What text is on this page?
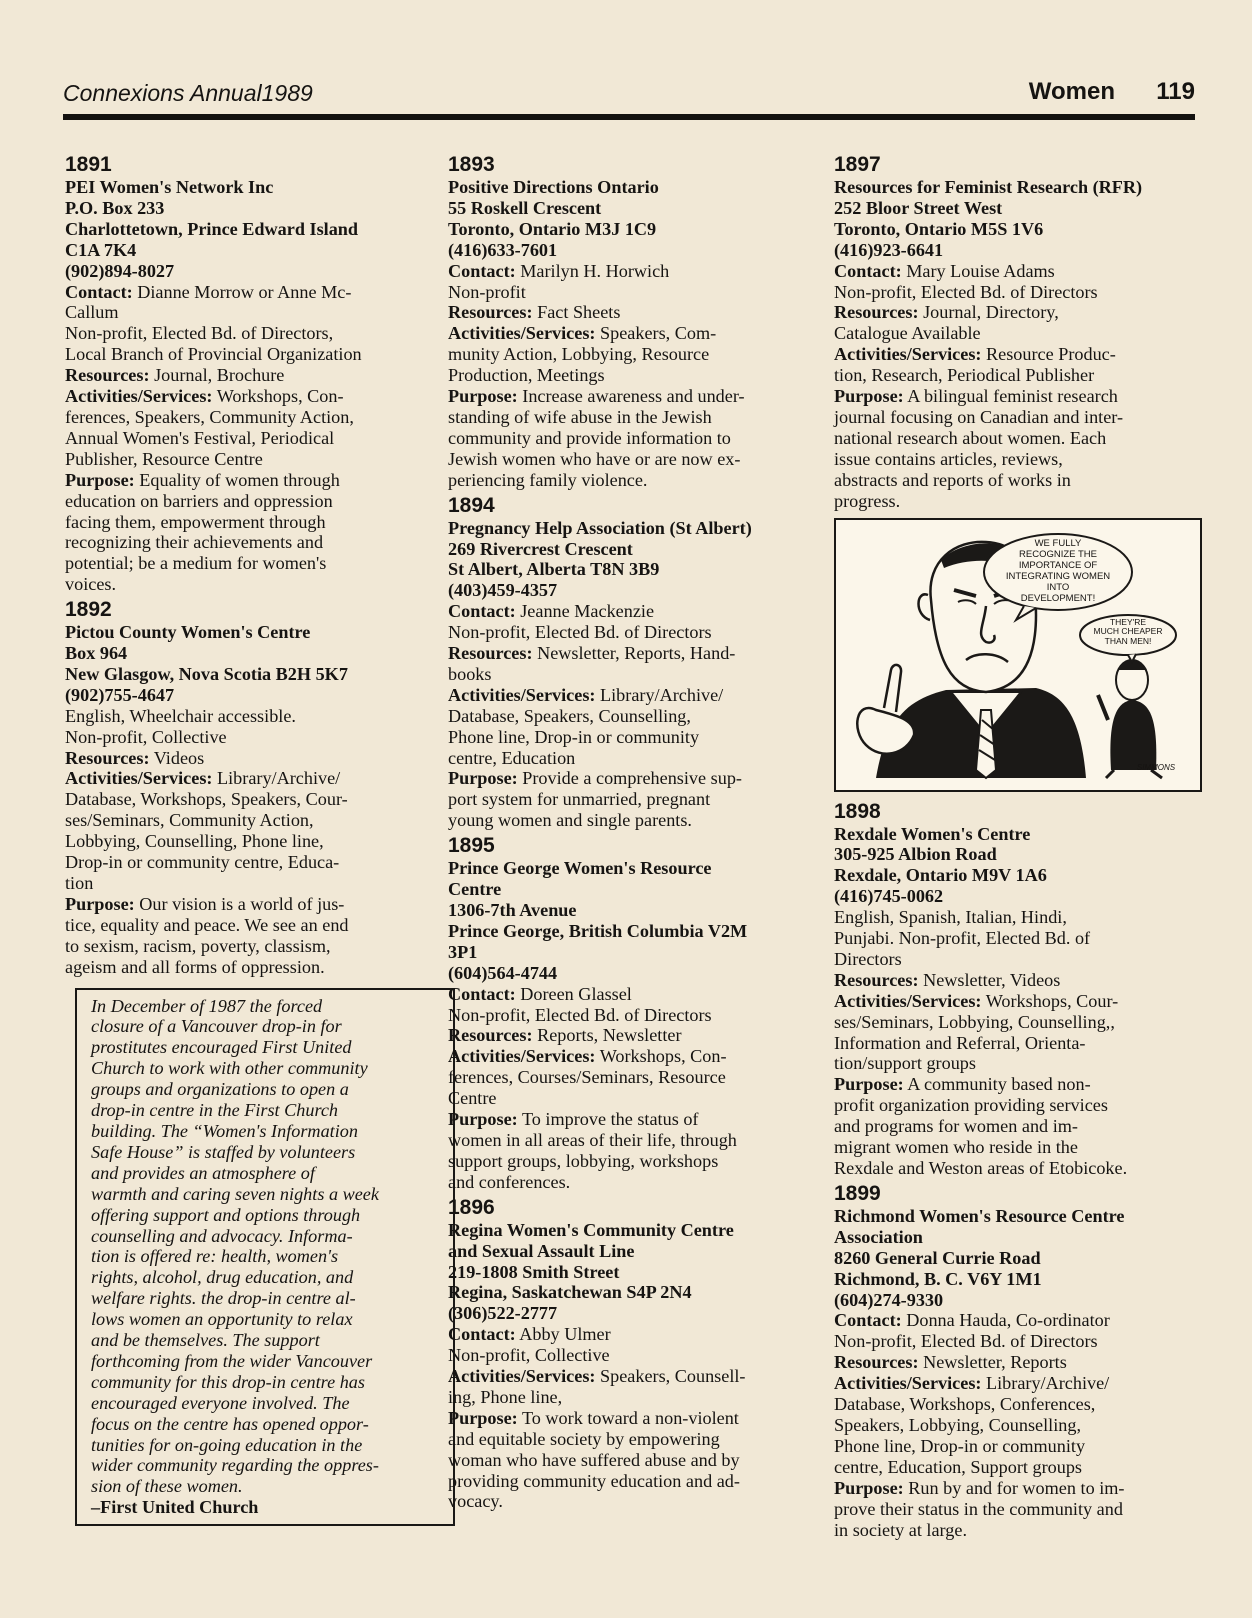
Connexions Annual1989	Women 119
1891
PEI Women's Network Inc
P.O. Box 233
Charlottetown, Prince Edward Island
C1A 7K4
(902)894-8027
Contact: Dianne Morrow or Anne Mc-
Callum
Non-profit, Elected Bd. of Directors,
Local Branch of Provincial Organization
Resources: Journal, Brochure
Activities/Services: Workshops, Con-
ferences, Speakers, Community Action,
Annual Women's Festival, Periodical
Publisher, Resource Centre
Purpose: Equality of women through
education on barriers and oppression
facing them, empowerment through
recognizing their achievements and
potential; be a medium for women's
voices.
1892
Pictou County Women's Centre
Box 964
New Glasgow, Nova Scotia B2H 5K7
(902)755-4647
English, Wheelchair accessible.
Non-profit, Collective
Resources: Videos
Activities/Services: Library/Archive/
Database, Workshops, Speakers, Cour-
ses/Seminars, Community Action,
Lobbying, Counselling, Phone line,
Drop-in or community centre, Educa-
tion
Purpose: Our vision is a world of jus-
tice, equality and peace. We see an end
to sexism, racism, poverty, classism,
ageism and all forms of oppression.
In December of 1987 the forced
closure of a Vancouver drop-in for
prostitutes encouraged First United
Church to work with other community
groups and organizations to open a
drop-in centre in the First Church
building. The “Women's Information
Safe House” is staffed by volunteers
and provides an atmosphere of
warmth and caring seven nights a week
offering support and options through
counselling and advocacy. Informa-
tion is offered re: health, women's
rights, alcohol, drug education, and
welfare rights. the drop-in centre al-
lows women an opportunity to relax
and be themselves. The support
forthcoming from the wider Vancouver
community for this drop-in centre has
encouraged everyone involved. The
focus on the centre has opened oppor-
tunities for on-going education in the
wider community regarding the oppres-
sion of these women.
–First United Church
1893
Positive Directions Ontario
55 Roskell Crescent
Toronto, Ontario M3J 1C9
(416)633-7601
Contact: Marilyn H. Horwich
Non-profit
Resources: Fact Sheets
Activities/Services: Speakers, Com-
munity Action, Lobbying, Resource
Production, Meetings
Purpose: Increase awareness and under-
standing of wife abuse in the Jewish
community and provide information to
Jewish women who have or are now ex-
periencing family violence.
1894
Pregnancy Help Association (St Albert)
269 Rivercrest Crescent
St Albert, Alberta T8N 3B9
(403)459-4357
Contact: Jeanne Mackenzie
Non-profit, Elected Bd. of Directors
Resources: Newsletter, Reports, Hand-
books
Activities/Services: Library/Archive/
Database, Speakers, Counselling,
Phone line, Drop-in or community
centre, Education
Purpose: Provide a comprehensive sup-
port system for unmarried, pregnant
young women and single parents.
1895
Prince George Women's Resource
Centre
1306-7th Avenue
Prince George, British Columbia V2M
3P1
(604)564-4744
Contact: Doreen Glassel
Non-profit, Elected Bd. of Directors
Resources: Reports, Newsletter
Activities/Services: Workshops, Con-
ferences, Courses/Seminars, Resource
Centre
Purpose: To improve the status of
women in all areas of their life, through
support groups, lobbying, workshops
and conferences.
1896
Regina Women's Community Centre
and Sexual Assault Line
219-1808 Smith Street
Regina, Saskatchewan S4P 2N4
(306)522-2777
Contact: Abby Ulmer
Non-profit, Collective
Activities/Services: Speakers, Counsell-
ing, Phone line,
Purpose: To work toward a non-violent
and equitable society by empowering
woman who have suffered abuse and by
providing community education and ad-
vocacy.
1897
Resources for Feminist Research (RFR)
252 Bloor Street West
Toronto, Ontario M5S 1V6
(416)923-6641
Contact: Mary Louise Adams
Non-profit, Elected Bd. of Directors
Resources: Journal, Directory,
Catalogue Available
Activities/Services: Resource Produc-
tion, Research, Periodical Publisher
Purpose: A bilingual feminist research
journal focusing on Canadian and inter-
national research about women. Each
issue contains articles, reviews,
abstracts and reports of works in
progress.
WE FULLY
RECOGNIZE THE
IMPORTANCE OF
INTEGRATING WOMEN
INTO
DEVELOPMENT!
THEY'RE
MUCH CHEAPER
THAN MEN!
SIMMONS
1898
Rexdale Women's Centre
305-925 Albion Road
Rexdale, Ontario M9V 1A6
(416)745-0062
English, Spanish, Italian, Hindi,
Punjabi. Non-profit, Elected Bd. of
Directors
Resources: Newsletter, Videos
Activities/Services: Workshops, Cour-
ses/Seminars, Lobbying, Counselling,,
Information and Referral, Orienta-
tion/support groups
Purpose: A community based non-
profit organization providing services
and programs for women and im-
migrant women who reside in the
Rexdale and Weston areas of Etobicoke.
1899
Richmond Women's Resource Centre
Association
8260 General Currie Road
Richmond, B. C. V6Y 1M1
(604)274-9330
Contact: Donna Hauda, Co-ordinator
Non-profit, Elected Bd. of Directors
Resources: Newsletter, Reports
Activities/Services: Library/Archive/
Database, Workshops, Conferences,
Speakers, Lobbying, Counselling,
Phone line, Drop-in or community
centre, Education, Support groups
Purpose: Run by and for women to im-
prove their status in the community and
in society at large.
